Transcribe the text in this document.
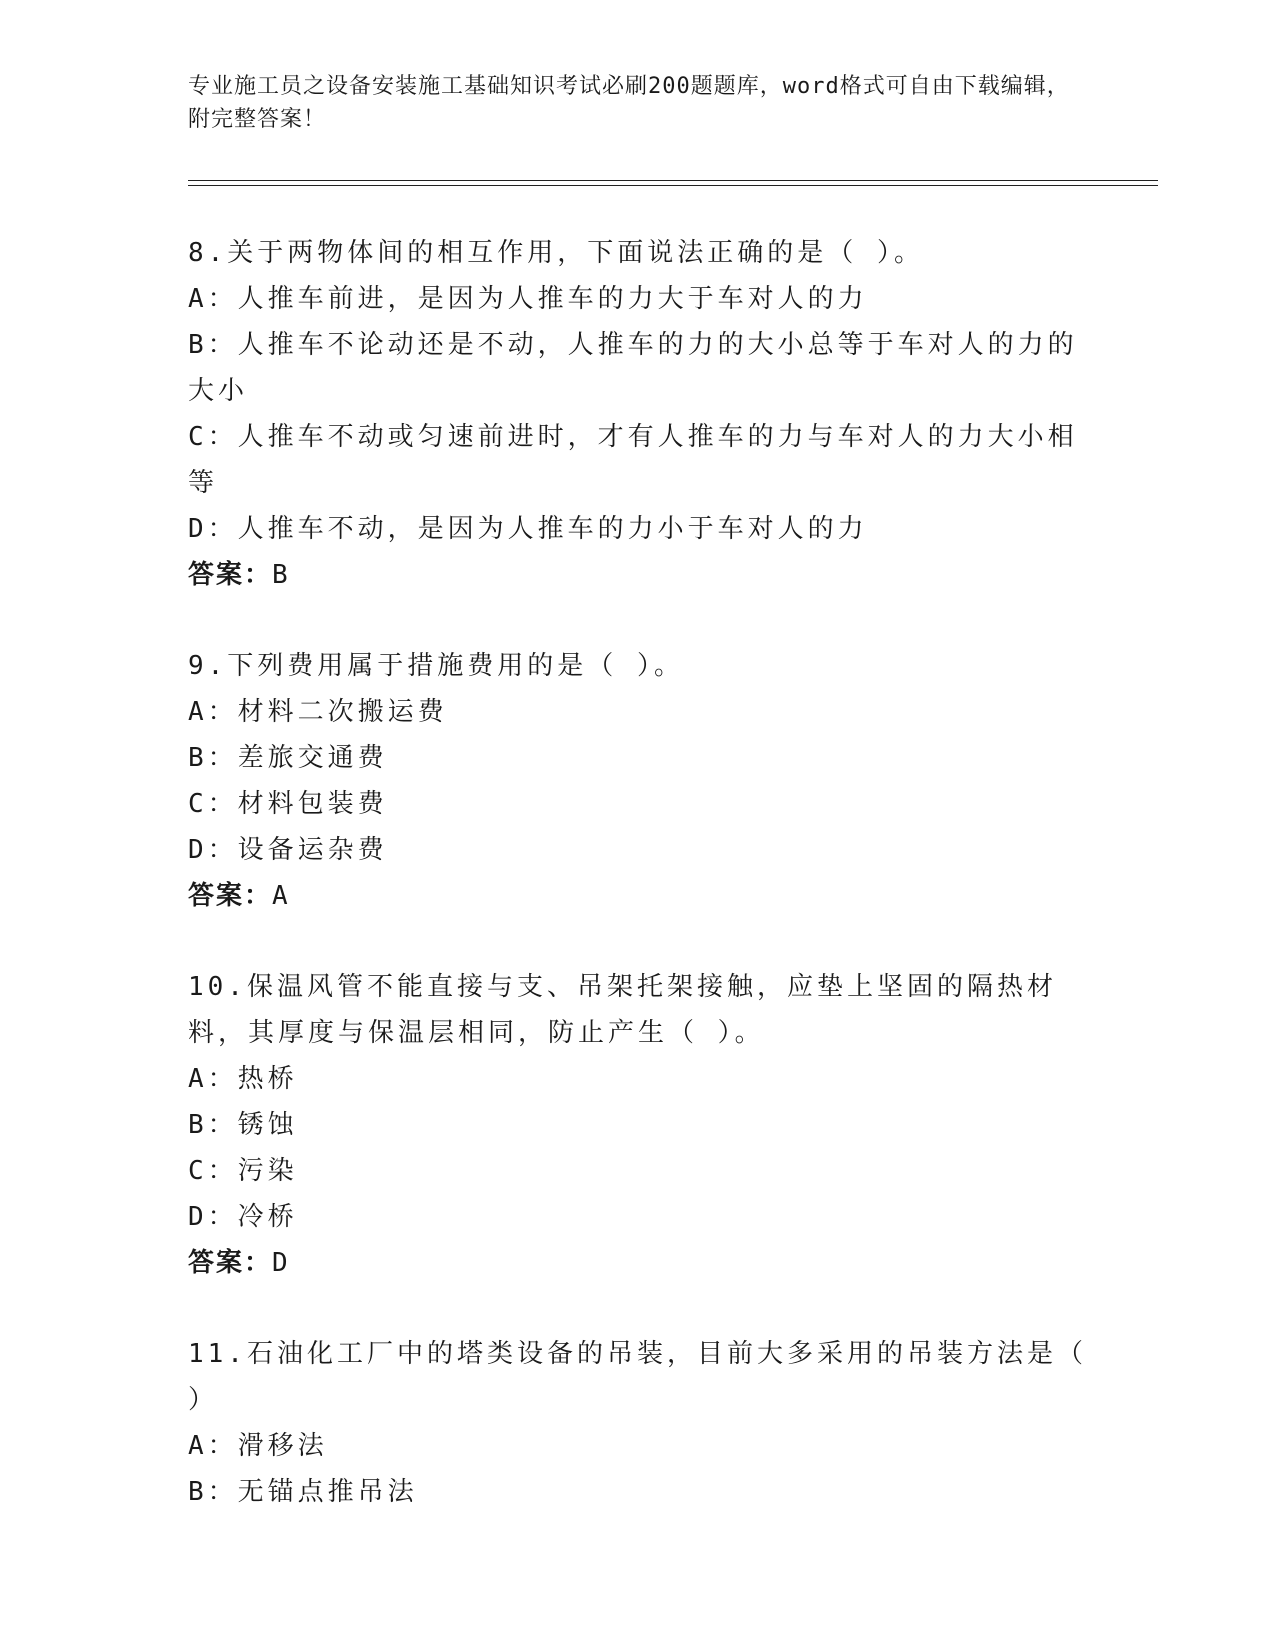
专业施工员之设备安装施工基础知识考试必刷200题题库，word格式可自由下载编辑，附完整答案！
8.关于两物体间的相互作用，下面说法正确的是（ ）。
A：人推车前进，是因为人推车的力大于车对人的力
B：人推车不论动还是不动，人推车的力的大小总等于车对人的力的大小
C：人推车不动或匀速前进时，才有人推车的力与车对人的力大小相等
D：人推车不动，是因为人推车的力小于车对人的力
答案：B
9.下列费用属于措施费用的是（ ）。
A：材料二次搬运费
B：差旅交通费
C：材料包装费
D：设备运杂费
答案：A
10.保温风管不能直接与支、吊架托架接触，应垫上坚固的隔热材料，其厚度与保温层相同，防止产生（ ）。
A：热桥
B：锈蚀
C：污染
D：冷桥
答案：D
11.石油化工厂中的塔类设备的吊装，目前大多采用的吊装方法是（ ）
A：滑移法
B：无锚点推吊法
